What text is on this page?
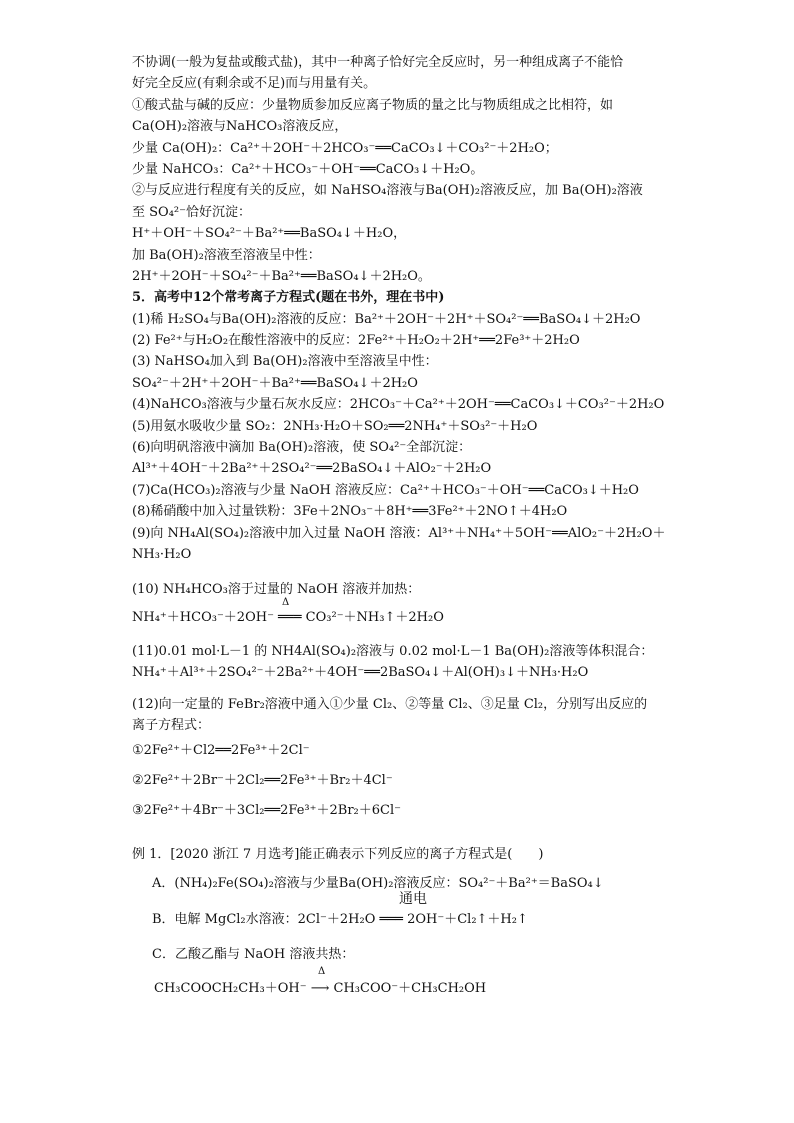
不协调(一般为复盐或酸式盐)，其中一种离子恰好完全反应时，另一种组成离子不能恰
好完全反应(有剩余或不足)而与用量有关。
①酸式盐与碱的反应：少量物质参加反应离子物质的量之比与物质组成之比相符，如
Ca(OH)₂溶液与NaHCO₃溶液反应，
少量 Ca(OH)₂：Ca²⁺＋2OH⁻＋2HCO₃⁻══CaCO₃↓＋CO₃²⁻＋2H₂O；
少量 NaHCO₃：Ca²⁺＋HCO₃⁻＋OH⁻══CaCO₃↓＋H₂O。
②与反应进行程度有关的反应，如 NaHSO₄溶液与Ba(OH)₂溶液反应，加 Ba(OH)₂溶液
至 SO₄²⁻恰好沉淀：
H⁺＋OH⁻＋SO₄²⁻＋Ba²⁺══BaSO₄↓＋H₂O，
加 Ba(OH)₂溶液至溶液呈中性：
2H⁺＋2OH⁻＋SO₄²⁻＋Ba²⁺══BaSO₄↓＋2H₂O。
5．高考中12个常考离子方程式(题在书外，理在书中)
(1)稀 H₂SO₄与Ba(OH)₂溶液的反应：Ba²⁺＋2OH⁻＋2H⁺＋SO₄²⁻══BaSO₄↓＋2H₂O
(2) Fe²⁺与H₂O₂在酸性溶液中的反应：2Fe²⁺＋H₂O₂＋2H⁺══2Fe³⁺＋2H₂O
(3) NaHSO₄加入到 Ba(OH)₂溶液中至溶液呈中性：
SO₄²⁻＋2H⁺＋2OH⁻＋Ba²⁺══BaSO₄↓＋2H₂O
(4)NaHCO₃溶液与少量石灰水反应：2HCO₃⁻＋Ca²⁺＋2OH⁻══CaCO₃↓＋CO₃²⁻＋2H₂O
(5)用氨水吸收少量 SO₂：2NH₃·H₂O＋SO₂══2NH₄⁺＋SO₃²⁻＋H₂O
(6)向明矾溶液中滴加 Ba(OH)₂溶液，使 SO₄²⁻全部沉淀：
Al³⁺＋4OH⁻＋2Ba²⁺＋2SO₄²⁻══2BaSO₄↓＋AlO₂⁻＋2H₂O
(7)Ca(HCO₃)₂溶液与少量 NaOH 溶液反应：Ca²⁺＋HCO₃⁻＋OH⁻══CaCO₃↓＋H₂O
(8)稀硝酸中加入过量铁粉：3Fe＋2NO₃⁻＋8H⁺══3Fe²⁺＋2NO↑＋4H₂O
(9)向 NH₄Al(SO₄)₂溶液中加入过量 NaOH 溶液：Al³⁺＋NH₄⁺＋5OH⁻══AlO₂⁻＋2H₂O＋
NH₃·H₂O
(10) NH₄HCO₃溶于过量的 NaOH 溶液并加热：
Δ
NH₄⁺＋HCO₃⁻＋2OH⁻ ═══ CO₃²⁻＋NH₃↑＋2H₂O
(11)0.01 mol·L－1 的 NH4Al(SO₄)₂溶液与 0.02 mol·L－1 Ba(OH)₂溶液等体积混合：
NH₄⁺＋Al³⁺＋2SO₄²⁻＋2Ba²⁺＋4OH⁻══2BaSO₄↓＋Al(OH)₃↓＋NH₃·H₂O
(12)向一定量的 FeBr₂溶液中通入①少量 Cl₂、②等量 Cl₂、③足量 Cl₂，分别写出反应的
离子方程式：
①2Fe²⁺＋Cl2══2Fe³⁺＋2Cl⁻
②2Fe²⁺＋2Br⁻＋2Cl₂══2Fe³⁺＋Br₂＋4Cl⁻
③2Fe²⁺＋4Br⁻＋3Cl₂══2Fe³⁺＋2Br₂＋6Cl⁻
例 1．[2020 浙江 7 月选考]能正确表示下列反应的离子方程式是(　　)
A．(NH₄)₂Fe(SO₄)₂溶液与少量Ba(OH)₂溶液反应：SO₄²⁻＋Ba²⁺＝BaSO₄↓
通电
B．电解 MgCl₂水溶液：2Cl⁻＋2H₂O ═══ 2OH⁻＋Cl₂↑＋H₂↑
C．乙酸乙酯与 NaOH 溶液共热：
Δ
CH₃COOCH₂CH₃＋OH⁻ ⟶ CH₃COO⁻＋CH₃CH₂OH
